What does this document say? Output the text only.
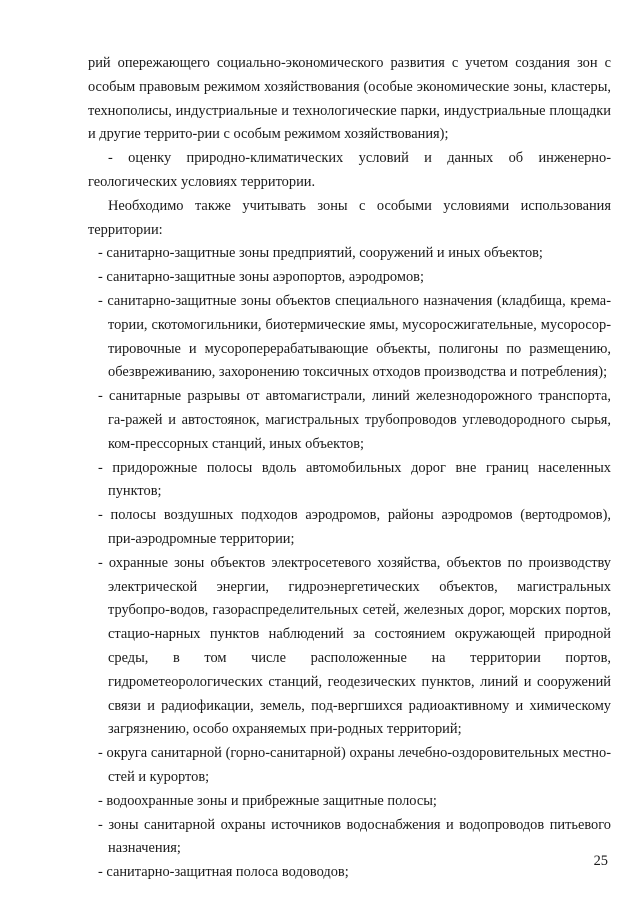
рий опережающего социально-экономического развития с учетом создания зон с особым правовым режимом хозяйствования (особые экономические зоны, кластеры, технополисы, индустриальные и технологические парки, индустриальные площадки и другие террито-рии с особым режимом хозяйствования);

- оценку природно-климатических условий и данных об инженерно-геологических условиях территории.

Необходимо также учитывать зоны с особыми условиями использования территории:

- санитарно-защитные зоны предприятий, сооружений и иных объектов;

- санитарно-защитные зоны аэропортов, аэродромов;

- санитарно-защитные зоны объектов специального назначения (кладбища, крема-тории, скотомогильники, биотермические ямы, мусоросжигательные, мусоросор-тировочные и мусороперерабатывающие объекты, полигоны по размещению, обезвреживанию, захоронению токсичных отходов производства и потребления);

- санитарные разрывы от автомагистрали, линий железнодорожного транспорта, га-ражей и автостоянок, магистральных трубопроводов углеводородного сырья, ком-прессорных станций, иных объектов;

- придорожные полосы вдоль автомобильных дорог вне границ населенных пунктов;

- полосы воздушных подходов аэродромов, районы аэродромов (вертодромов), при-аэродромные территории;

- охранные зоны объектов электросетевого хозяйства, объектов по производству электрической энергии, гидроэнергетических объектов, магистральных трубопро-водов, газораспределительных сетей, железных дорог, морских портов, стацио-нарных пунктов наблюдений за состоянием окружающей природной среды, в том числе расположенные на территории портов, гидрометеорологических станций, геодезических пунктов, линий и сооружений связи и радиофикации, земель, под-вергшихся радиоактивному и химическому загрязнению, особо охраняемых при-родных территорий;

- округа санитарной (горно-санитарной) охраны лечебно-оздоровительных местно-стей и курортов;

- водоохранные зоны и прибрежные защитные полосы;

- зоны санитарной охраны источников водоснабжения и водопроводов питьевого назначения;

- санитарно-защитная полоса водоводов;

25
